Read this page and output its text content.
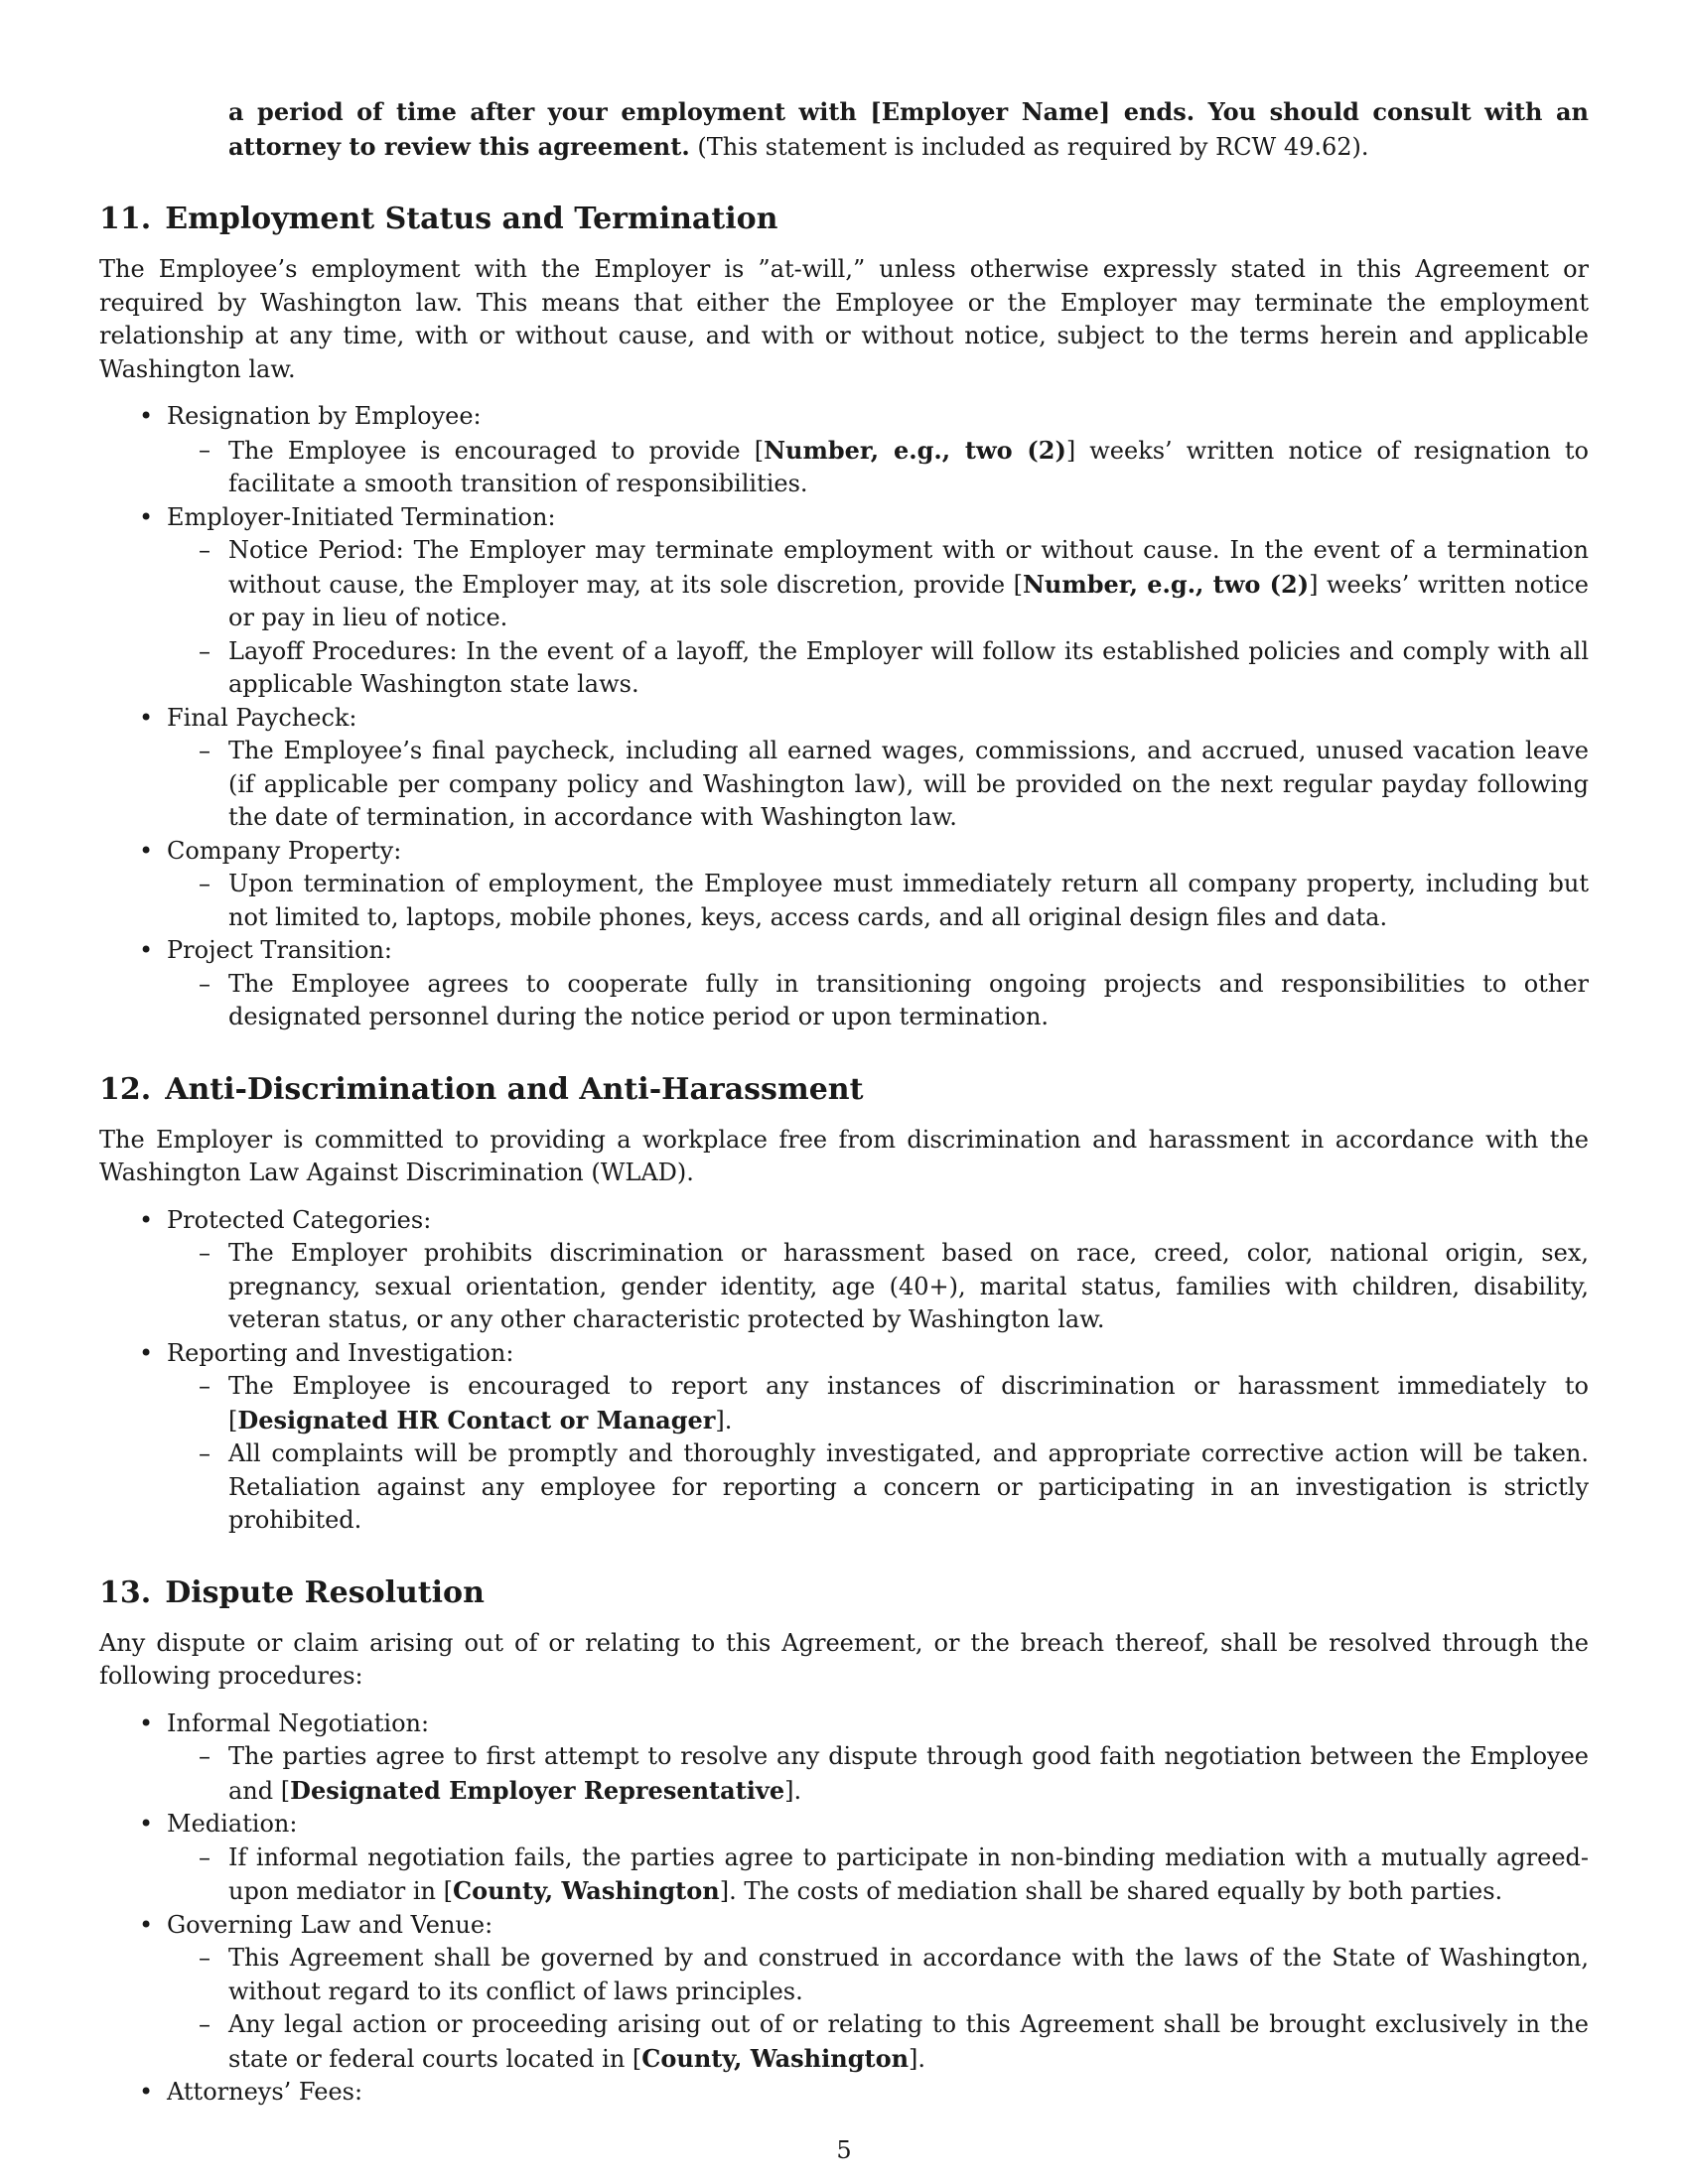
a period of time after your employment with [Employer Name] ends. You should consult with an attorney to review this agreement. (This statement is included as required by RCW 49.62).
11. Employment Status and Termination

The Employee’s employment with the Employer is ”at-will,” unless otherwise expressly stated in this Agreement or required by Washington law. This means that either the Employee or the Employer may terminate the employment relationship at any time, with or without cause, and with or without notice, subject to the terms herein and applicable Washington law.

• Resignation by Employee:
– The Employee is encouraged to provide [Number, e.g., two (2)] weeks’ written notice of resignation to facilitate a smooth transition of responsibilities.
• Employer-Initiated Termination:
– Notice Period: The Employer may terminate employment with or without cause. In the event of a termination without cause, the Employer may, at its sole discretion, provide [Number, e.g., two (2)] weeks’ written notice or pay in lieu of notice.
– Layoff Procedures: In the event of a layoff, the Employer will follow its established policies and comply with all applicable Washington state laws.
• Final Paycheck:
– The Employee’s final paycheck, including all earned wages, commissions, and accrued, unused vacation leave (if applicable per company policy and Washington law), will be provided on the next regular payday following the date of termination, in accordance with Washington law.
• Company Property:
– Upon termination of employment, the Employee must immediately return all company property, including but not limited to, laptops, mobile phones, keys, access cards, and all original design files and data.
• Project Transition:
– The Employee agrees to cooperate fully in transitioning ongoing projects and responsibilities to other designated personnel during the notice period or upon termination.
12. Anti-Discrimination and Anti-Harassment

The Employer is committed to providing a workplace free from discrimination and harassment in accordance with the Washington Law Against Discrimination (WLAD).

• Protected Categories:
– The Employer prohibits discrimination or harassment based on race, creed, color, national origin, sex, pregnancy, sexual orientation, gender identity, age (40+), marital status, families with children, disability, veteran status, or any other characteristic protected by Washington law.
• Reporting and Investigation:
– The Employee is encouraged to report any instances of discrimination or harassment immediately to [Designated HR Contact or Manager].
– All complaints will be promptly and thoroughly investigated, and appropriate corrective action will be taken. Retaliation against any employee for reporting a concern or participating in an investigation is strictly prohibited.
13. Dispute Resolution

Any dispute or claim arising out of or relating to this Agreement, or the breach thereof, shall be resolved through the following procedures:

• Informal Negotiation:
– The parties agree to first attempt to resolve any dispute through good faith negotiation between the Employee and [Designated Employer Representative].
• Mediation:
– If informal negotiation fails, the parties agree to participate in non-binding mediation with a mutually agreed-upon mediator in [County, Washington]. The costs of mediation shall be shared equally by both parties.
• Governing Law and Venue:
– This Agreement shall be governed by and construed in accordance with the laws of the State of Washington, without regard to its conflict of laws principles.
– Any legal action or proceeding arising out of or relating to this Agreement shall be brought exclusively in the state or federal courts located in [County, Washington].
• Attorneys’ Fees:
5
